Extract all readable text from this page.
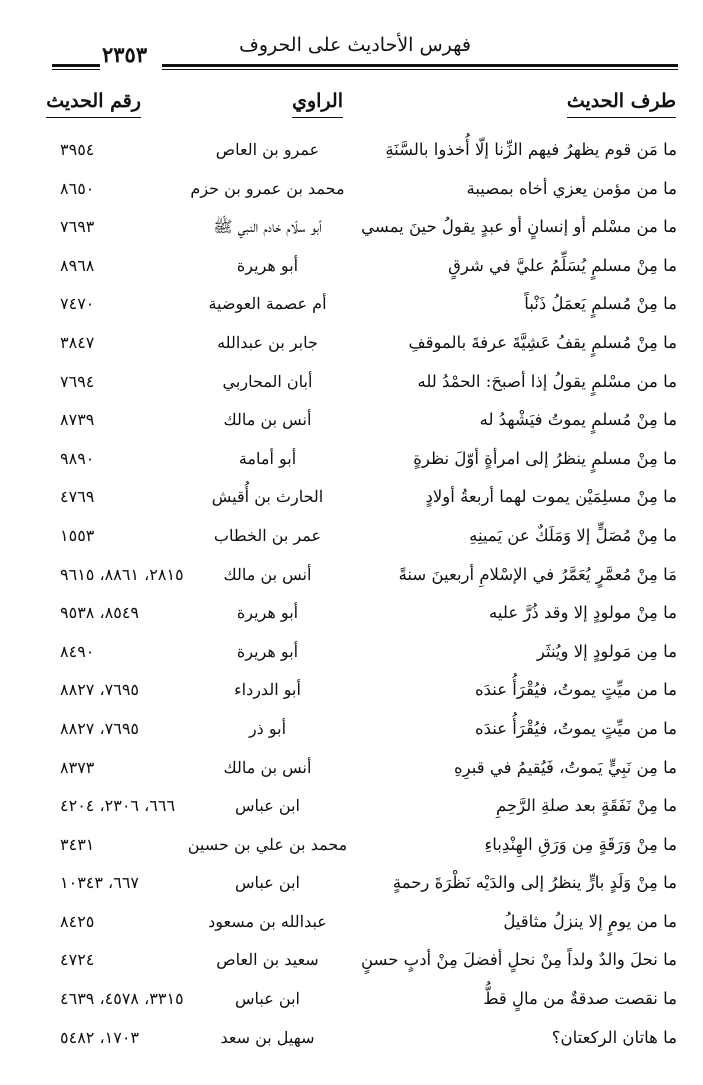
فهرس الأحاديث على الحروف
٢٣٥٣
طرف الحديث
الراوي
رقم الحديث
ما مَن قوم يظهرُ فيهم الزِّنا إلّا أُخذوا بالسَّنَةِ
عمرو بن العاص
٣٩٥٤
ما من مؤمن يعزي أخاه بمصيبة
محمد بن عمرو بن حزم
٨٦٥٠
ما من مسْلم أو إنسانٍ أو عبدٍ يقولُ حينَ يمسي
أبو سلّام خادم النبي ﷺ
٧٦٩٣
ما مِنْ مسلمٍ يُسَلِّمُ عليَّ في شرقٍ
أبو هريرة
٨٩٦٨
ما مِنْ مُسلمٍ يَعمَلُ ذَنْباً
أم عصمة العوضية
٧٤٧٠
ما مِنْ مُسلمٍ يقفُ عَشِيَّةَ عرفةَ بالموقفِ
جابر بن عبدالله
٣٨٤٧
ما من مسْلمٍ يقولُ إذا أصبحَ: الحمْدُ لله
أبان المحاربي
٧٦٩٤
ما مِنْ مُسلمٍ يموتُ فيَشْهدُ له
أنس بن مالك
٨٧٣٩
ما مِنْ مسلمٍ ينظرُ إلى امرأةٍ أوّلَ نظرةٍ
أبو أمامة
٩٨٩٠
ما مِنْ مسلِمَيْن يموت لهما أربعةُ أولادٍ
الحارث بن أُقيش
٤٧٦٩
ما مِنْ مُصَلٍّ إلا وَمَلَكٌ عن يَمينِهِ
عمر بن الخطاب
١٥٥٣
مَا مِنْ مُعمَّرٍ يُعَمَّرُ في الإسْلامِ أربعينَ سنةً
أنس بن مالك
٢٨١٥، ٨٨٦١، ٩٦١٥
ما مِنْ مولودٍ إلا وقد ذُرَّ عليه
أبو هريرة
٨٥٤٩، ٩٥٣٨
ما مِن مَولودٍ إلا ويُنثَر
أبو هريرة
٨٤٩٠
ما من ميِّتٍ يموتُ، فيُقْرَأُ عندَه
أبو الدرداء
٧٦٩٥، ٨٨٢٧
ما من ميِّتٍ يموتُ، فيُقْرَأُ عندَه
أبو ذر
٧٦٩٥، ٨٨٢٧
ما مِن نَبِيٍّ يَموتُ، فَيُقيمُ في قبرِهِ
أنس بن مالك
٨٣٧٣
ما مِنْ نَفَقَةٍ بعد صلةِ الرَّحِمِ
ابن عباس
٦٦٦، ٢٣٠٦، ٤٢٠٤
ما مِنْ وَرَقَةٍ مِن وَرَقِ الهِنْدِباءِ
محمد بن علي بن حسين
٣٤٣١
ما مِنْ وَلَدٍ بارٍّ ينظرُ إلى والدَيْه نَظْرَةَ رحمةٍ
ابن عباس
٦٦٧، ١٠٣٤٣
ما من يومٍ إلا ينزلُ مثاقيلُ
عبدالله بن مسعود
٨٤٢٥
ما نحلَ والدٌ ولداً مِنْ نحلٍ أفضلَ مِنْ أدبٍ حسنٍ
سعيد بن العاص
٤٧٢٤
ما نقصت صدقةٌ من مالٍ قطُّ
ابن عباس
٣٣١٥، ٤٥٧٨، ٤٦٣٩
ما هاتان الركعتان؟
سهيل بن سعد
١٧٠٣، ٥٤٨٢
